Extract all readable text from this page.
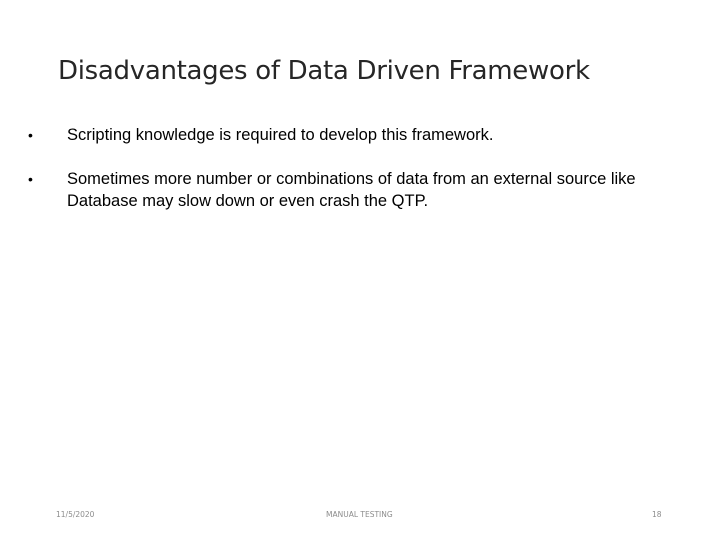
Disadvantages of Data Driven Framework
•	Scripting knowledge is required to develop this framework.
•	Sometimes more number or combinations of data from an external source like Database may slow down or even crash the QTP.
11/5/2020	MANUAL TESTING	18
